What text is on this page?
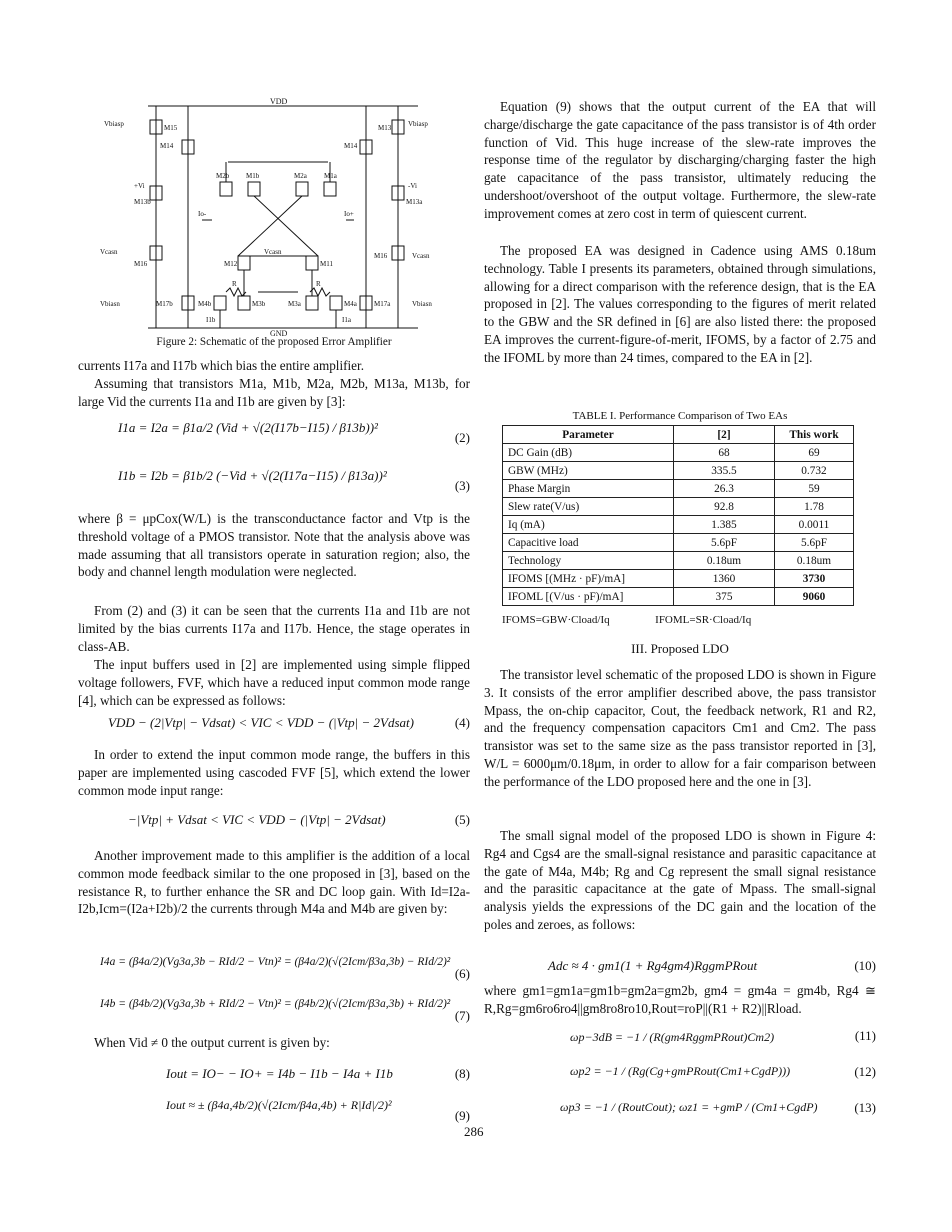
VDD
GND
Vbiasp	Vbiasp
M15
M14
M13
M14
M2b M1b	M2a M1a
+Vi	-Vi
M13b	M13a
Io-	Io+
Vcasn	Vcasn
Vcasn
M16
M16
M12	M11
Vbiasn	Vbiasn
M17b	M4b	M3b	M3a	M4a M17a
R	R
I1b	I1a
Figure 2: Schematic of the proposed Error Amplifier

currents I17a and I17b which bias the entire amplifier.

Assuming that transistors M1a, M1b, M2a, M2b, M13a, M13b, for large Vid the currents I1a and I1b are given by [3]:

I1a = I2a = β1a/2 (Vid + √(2(I17b−I15) / β13b))²
(2)
I1b = I2b = β1b/2 (−Vid + √(2(I17a−I15) / β13a))²
(3)

where β = μpCox(W/L) is the transconductance factor and Vtp is the threshold voltage of a PMOS transistor. Note that the analysis above was made assuming that all transistors operate in saturation region; also, the body and channel length modulation were neglected.

From (2) and (3) it can be seen that the currents I1a and I1b are not limited by the bias currents I17a and I17b. Hence, the stage operates in class-AB.

The input buffers used in [2] are implemented using simple flipped voltage followers, FVF, which have a reduced input common mode range [4], which can be expressed as follows:

VDD − (2|Vtp| − Vdsat) < VIC < VDD − (|Vtp| − 2Vdsat)	(4)

In order to extend the input common mode range, the buffers in this paper are implemented using cascoded FVF [5], which extend the lower common mode input range:

−|Vtp| + Vdsat < VIC < VDD − (|Vtp| − 2Vdsat)	(5)

Another improvement made to this amplifier is the addition of a local common mode feedback similar to the one proposed in [3], based on the resistance R, to further enhance the SR and DC loop gain. With Id=I2a-I2b,Icm=(I2a+I2b)/2 the currents through M4a and M4b are given by:

I4a = (β4a/2)(Vg3a,3b − RId/2 − Vtn)² = (β4a/2)(√(2Icm/β3a,3b) − RId/2)²
(6)
I4b = (β4b/2)(Vg3a,3b + RId/2 − Vtn)² = (β4b/2)(√(2Icm/β3a,3b) + RId/2)²
(7)

When Vid ≠ 0 the output current is given by:

Iout = IO− − IO+ = I4b − I1b − I4a + I1b	(8)
Iout ≈ ± (β4a,4b/2)(√(2Icm/β4a,4b) + R|Id|/2)²
(9)

Equation (9) shows that the output current of the EA that will charge/discharge the gate capacitance of the pass transistor is of 4th order function of Vid. This huge increase of the slew-rate improves the response time of the regulator by discharging/charging faster the high gate capacitance of the pass transistor, ultimately reducing the undershoot/overshoot of the output voltage. Furthermore, the slew-rate improvement comes at zero cost in term of quiescent current.

The proposed EA was designed in Cadence using AMS 0.18um technology. Table I presents its parameters, obtained through simulations, allowing for a direct comparison with the reference design, that is the EA proposed in [2]. The values corresponding to the figures of merit related to the GBW and the SR defined in [6] are also listed there: the proposed EA improves the current-figure-of-merit, IFOMS, by a factor of 2.75 and the IFOML by more than 24 times, compared to the EA in [2].

TABLE I. Performance Comparison of Two EAs
Parameter	[2]	This work
DC Gain (dB)	68	69
GBW (MHz)	335.5	0.732
Phase Margin	26.3	59
Slew rate(V/us)	92.8	1.78
Iq (mA)	1.385	0.0011
Capacitive load	5.6pF	5.6pF
Technology	0.18um	0.18um
IFOMS [(MHz · pF)/mA]	1360	3730
IFOML [(V/us · pF)/mA]	375	9060
IFOMS=GBW·Cload/Iq	IFOML=SR·Cload/Iq
III. Proposed LDO

The transistor level schematic of the proposed LDO is shown in Figure 3. It consists of the error amplifier described above, the pass transistor Mpass, the on-chip capacitor, Cout, the feedback network, R1 and R2, and the frequency compensation capacitors Cm1 and Cm2. The pass transistor was set to the same size as the pass transistor reported in [3], W/L = 6000μm/0.18μm, in order to allow for a fair comparison between the performance of the LDO proposed here and the one in [3].

The small signal model of the proposed LDO is shown in Figure 4: Rg4 and Cgs4 are the small-signal resistance and parasitic capacitance at the gate of M4a, M4b; Rg and Cg represent the small signal resistance and the parasitic capacitance at the gate of Mpass. The small-signal analysis yields the expressions of the DC gain and the location of the poles and zeroes, as follows:

Adc ≈ 4 · gm1(1 + Rg4gm4)RggmPRout	(10)

where gm1=gm1a=gm1b=gm2a=gm2b, gm4 = gm4a = gm4b, Rg4 ≅ R,Rg=gm6ro6ro4||gm8ro8ro10,Rout=roP||(R1 + R2)||Rload.

ωp−3dB = −1 / (R(gm4RggmPRout)Cm2)	(11)
ωp2 = −1 / (Rg(Cg+gmPRout(Cm1+CgdP)))	(12)
ωp3 = −1 / (RoutCout); ωz1 = +gmP / (Cm1+CgdP)	(13)
286
